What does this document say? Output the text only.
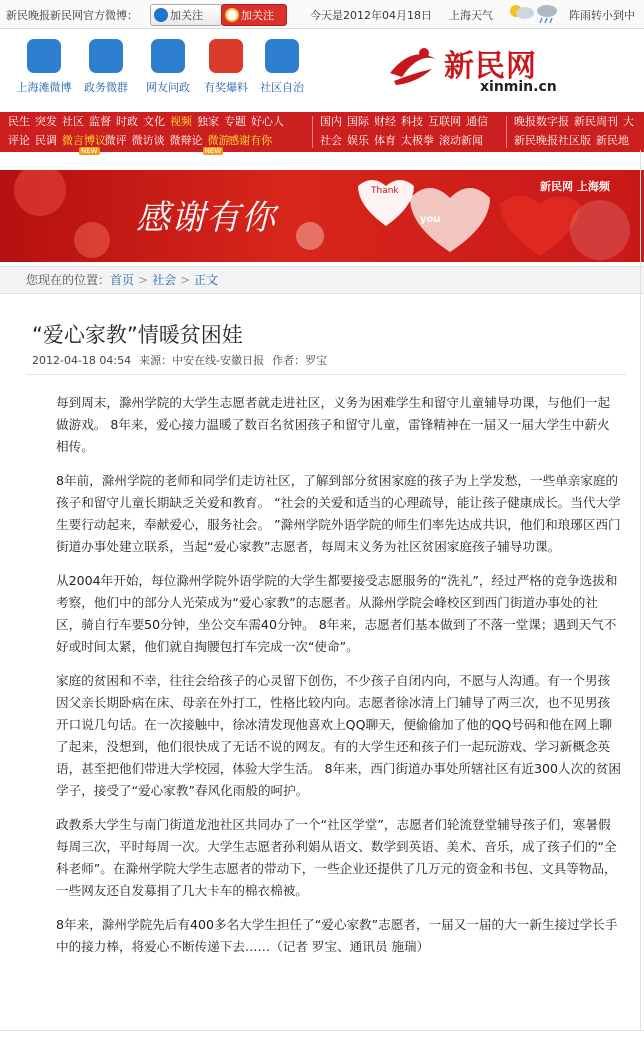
新民晚报新民网官方微博：	加关注	加关注	今天是2012年04月18日 上海天气	阵雨转小到中
上海滩微博	政务微群	网友问政	有奖爆料	社区自治
新民网
xinmin.cn
民生 突发 社区 监督 时政 文化 视频 独家 专题 好心人
评论 民调 微言博议NEW微评 微访谈 微辩论 微游NEW感谢有你
国内 国际 财经 科技 互联网 通信
社会 娱乐 体育 太极拳 滚动新闻
晚报数字报 新民周刊 大
新民晚报社区版 新民地
感谢有你
Thank
you
新民网 上海频
您现在的位置：首页 > 社会 > 正文
“爱心家教”情暖贫困娃
2012-04-18 04:54 来源：中安在线-安徽日报 作者：罗宝

每到周末，滁州学院的大学生志愿者就走进社区，义务为困难学生和留守儿童辅导功课，与他们一起做游戏。 8年来，爱心接力温暖了数百名贫困孩子和留守儿童，雷锋精神在一届又一届大学生中薪火相传。

8年前，滁州学院的老师和同学们走访社区，了解到部分贫困家庭的孩子为上学发愁，一些单亲家庭的孩子和留守儿童长期缺乏关爱和教育。 “社会的关爱和适当的心理疏导，能让孩子健康成长。当代大学生要行动起来，奉献爱心，服务社会。 ”滁州学院外语学院的师生们率先达成共识，他们和琅琊区西门街道办事处建立联系，当起“爱心家教”志愿者，每周末义务为社区贫困家庭孩子辅导功课。

从2004年开始，每位滁州学院外语学院的大学生都要接受志愿服务的“洗礼”，经过严格的竞争选拔和考察，他们中的部分人光荣成为“爱心家教”的志愿者。从滁州学院会峰校区到西门街道办事处的社区，骑自行车要50分钟，坐公交车需40分钟。 8年来，志愿者们基本做到了不落一堂课；遇到天气不好或时间太紧，他们就自掏腰包打车完成一次“使命”。

家庭的贫困和不幸，往往会给孩子的心灵留下创伤，不少孩子自闭内向，不愿与人沟通。有一个男孩因父亲长期卧病在床、母亲在外打工，性格比较内向。志愿者徐冰清上门辅导了两三次，也不见男孩开口说几句话。在一次接触中，徐冰清发现他喜欢上QQ聊天，便偷偷加了他的QQ号码和他在网上聊了起来，没想到，他们很快成了无话不说的网友。有的大学生还和孩子们一起玩游戏、学习新概念英语，甚至把他们带进大学校园，体验大学生活。 8年来，西门街道办事处所辖社区有近300人次的贫困学子，接受了“爱心家教”春风化雨般的呵护。

政教系大学生与南门街道龙池社区共同办了一个“社区学堂”，志愿者们轮流登堂辅导孩子们，寒暑假每周三次，平时每周一次。大学生志愿者孙利娟从语文、数学到英语、美术、音乐，成了孩子们的“全科老师”。在滁州学院大学生志愿者的带动下，一些企业还提供了几万元的资金和书包、文具等物品，一些网友还自发募捐了几大卡车的棉衣棉被。

8年来，滁州学院先后有400多名大学生担任了“爱心家教”志愿者，一届又一届的大一新生接过学长手中的接力棒，将爱心不断传递下去……（记者 罗宝、通讯员 施瑞）
